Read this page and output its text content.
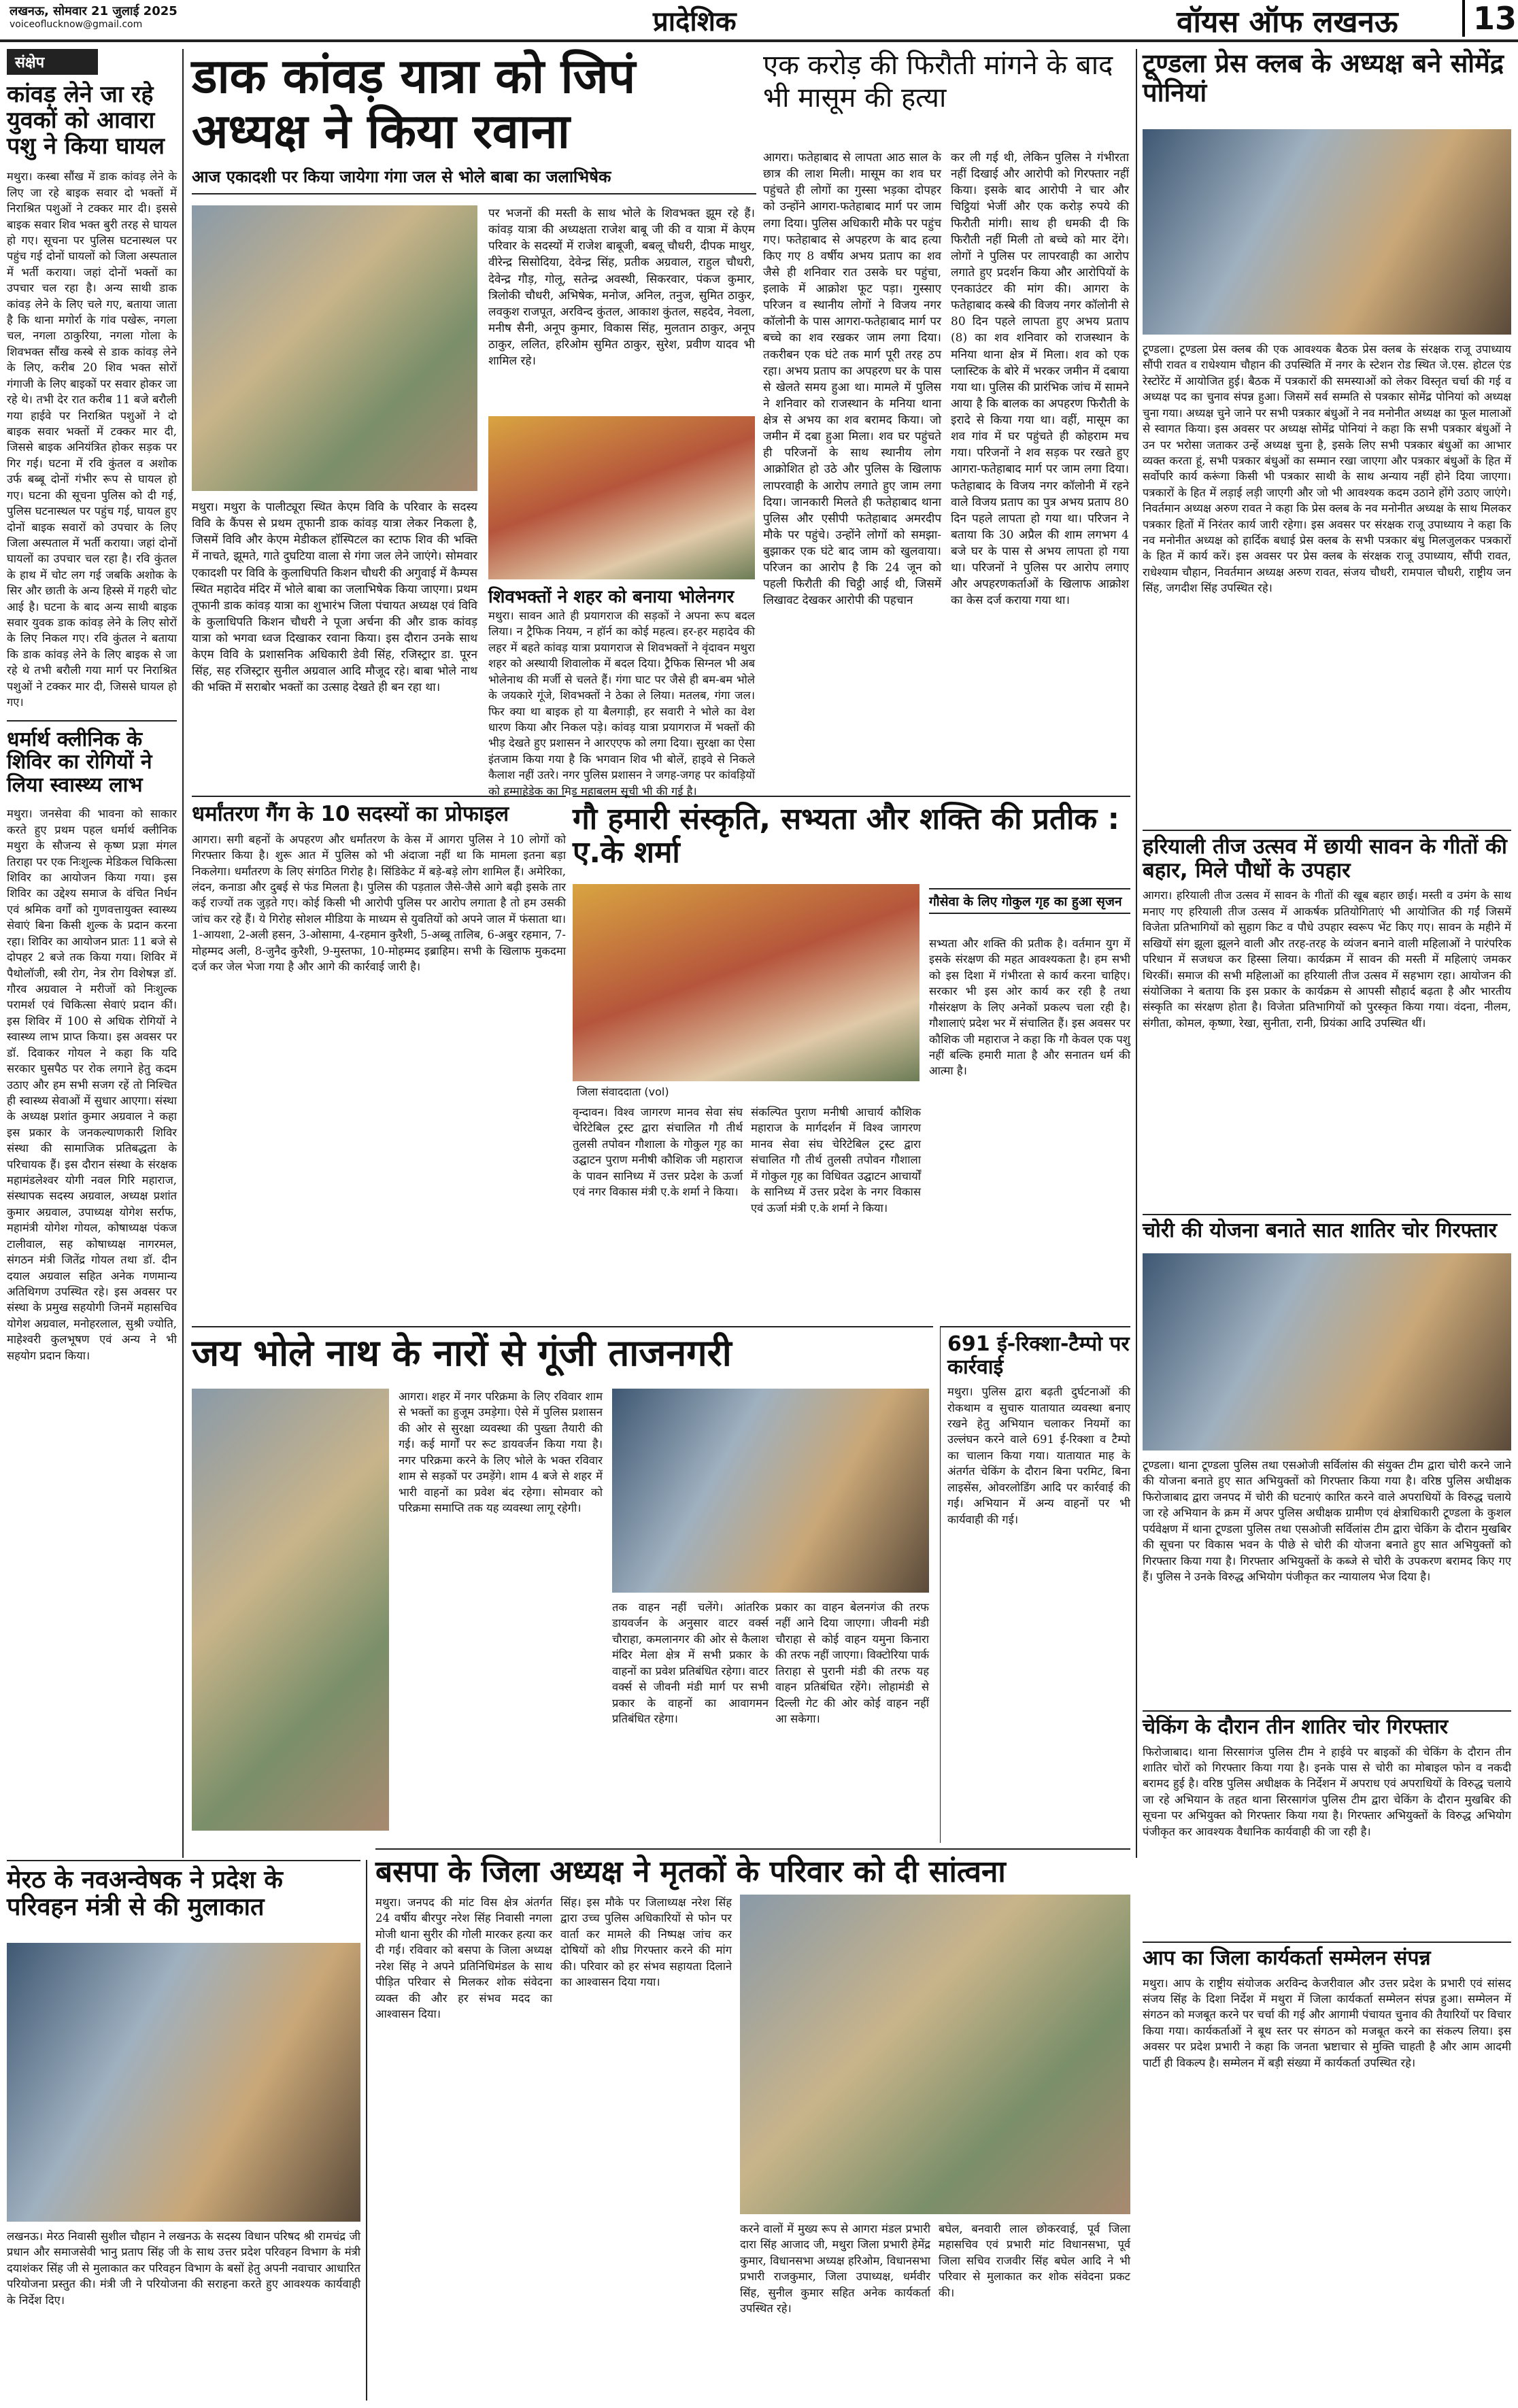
लखनऊ, सोमवार 21 जुलाई 2025
voiceoflucknow@gmail.com	प्रादेशिक	वॉयस ऑफ लखनऊ	13
संक्षेप
कांवड़ लेने जा रहे युवकों को आवारा पशु ने किया घायल

मथुरा। कस्बा सौंख में डाक कांवड़ लेने के लिए जा रहे बाइक सवार दो भक्तों में निराश्रित पशुओं ने टक्कर मार दी। इससे बाइक सवार शिव भक्त बुरी तरह से घायल हो गए। सूचना पर पुलिस घटनास्थल पर पहुंच गई दोनों घायलों को जिला अस्पताल में भर्ती कराया। जहां दोनों भक्तों का उपचार चल रहा है। अन्य साथी डाक कांवड़ लेने के लिए चले गए, बताया जाता है कि थाना मगोर्रा के गांव पखेरू, नगला चल, नगला ठाकुरिया, नगला गोला के शिवभक्त सौंख कस्बे से डाक कांवड़ लेने के लिए, करीब 20 शिव भक्त सोरों गंगाजी के लिए बाइकों पर सवार होकर जा रहे थे। तभी देर रात करीब 11 बजे बरौली गया हाईवे पर निराश्रित पशुओं ने दो बाइक सवार भक्तों में टक्कर मार दी, जिससे बाइक अनियंत्रित होकर सड़क पर गिर गई। घटना में रवि कुंतल व अशोक उर्फ बब्बू दोनों गंभीर रूप से घायल हो गए। घटना की सूचना पुलिस को दी गई, पुलिस घटनास्थल पर पहुंच गई, घायल हुए दोनों बाइक सवारों को उपचार के लिए जिला अस्पताल में भर्ती कराया। जहां दोनों घायलों का उपचार चल रहा है। रवि कुंतल के हाथ में चोट लग गई जबकि अशोक के सिर और छाती के अन्य हिस्से में गहरी चोट आई है। घटना के बाद अन्य साथी बाइक सवार युवक डाक कांवड़ लेने के लिए सोरों के लिए निकल गए। रवि कुंतल ने बताया कि डाक कांवड़ लेने के लिए बाइक से जा रहे थे तभी बरौली गया मार्ग पर निराश्रित पशुओं ने टक्कर मार दी, जिससे घायल हो गए।

धर्मार्थ क्लीनिक के शिविर का रोगियों ने लिया स्वास्थ्य लाभ

मथुरा। जनसेवा की भावना को साकार करते हुए प्रथम पहल धर्मार्थ क्लीनिक मथुरा के सौजन्य से कृष्ण प्रज्ञा मंगल तिराहा पर एक निःशुल्क मेडिकल चिकित्सा शिविर का आयोजन किया गया। इस शिविर का उद्देश्य समाज के वंचित निर्धन एवं श्रमिक वर्गों को गुणवत्तायुक्त स्वास्थ्य सेवाएं बिना किसी शुल्क के प्रदान करना रहा। शिविर का आयोजन प्रातः 11 बजे से दोपहर 2 बजे तक किया गया। शिविर में पैथोलॉजी, स्त्री रोग, नेत्र रोग विशेषज्ञ डॉ. गौरव अग्रवाल ने मरीजों को निःशुल्क परामर्श एवं चिकित्सा सेवाएं प्रदान कीं। इस शिविर में 100 से अधिक रोगियों ने स्वास्थ्य लाभ प्राप्त किया। इस अवसर पर डॉ. दिवाकर गोयल ने कहा कि यदि सरकार घुसपैठ पर रोक लगाने हेतु कदम उठाए और हम सभी सजग रहें तो निश्चित ही स्वास्थ्य सेवाओं में सुधार आएगा। संस्था के अध्यक्ष प्रशांत कुमार अग्रवाल ने कहा इस प्रकार के जनकल्याणकारी शिविर संस्था की सामाजिक प्रतिबद्धता के परिचायक हैं। इस दौरान संस्था के संरक्षक महामंडलेश्वर योगी नवल गिरि महाराज, संस्थापक सदस्य अग्रवाल, अध्यक्ष प्रशांत कुमार अग्रवाल, उपाध्यक्ष योगेश सर्राफ, महामंत्री योगेश गोयल, कोषाध्यक्ष पंकज टालीवाल, सह कोषाध्यक्ष नागरमल, संगठन मंत्री जितेंद्र गोयल तथा डॉ. दीन दयाल अग्रवाल सहित अनेक गणमान्य अतिथिगण उपस्थित रहे। इस अवसर पर संस्था के प्रमुख सहयोगी जिनमें महासचिव योगेश अग्रवाल, मनोहरलाल, सुश्री ज्योति, माहेश्वरी कुलभूषण एवं अन्य ने भी सहयोग प्रदान किया।

डाक कांवड़ यात्रा को जिपं अध्यक्ष ने किया रवाना
आज एकादशी पर किया जायेगा गंगा जल से भोले बाबा का जलाभिषेक

पर भजनों की मस्ती के साथ भोले के शिवभक्त झूम रहे हैं। कांवड़ यात्रा की अध्यक्षता राजेश बाबू जी की व यात्रा में केएम परिवार के सदस्यों में राजेश बाबूजी, बबलू चौधरी, दीपक माथुर, वीरेन्द्र सिसोदिया, देवेन्द्र सिंह, प्रतीक अग्रवाल, राहुल चौधरी, देवेन्द्र गौड़, गोलू, सतेन्द्र अवस्थी, सिकरवार, पंकज कुमार, त्रिलोकी चौधरी, अभिषेक, मनोज, अनिल, तनुज, सुमित ठाकुर, लवकुश राजपूत, अरविन्द कुंतल, आकाश कुंतल, सहदेव, नेवला, मनीष सैनी, अनूप कुमार, विकास सिंह, मुलतान ठाकुर, अनूप ठाकुर, ललित, हरिओम सुमित ठाकुर, सुरेश, प्रवीण यादव भी शामिल रहे।

शिवभक्तों ने शहर को बनाया भोलेनगर

मथुरा। मथुरा के पालीट्यूरा स्थित केएम विवि के परिवार के सदस्य विवि के कैंपस से प्रथम तूफानी डाक कांवड़ यात्रा लेकर निकला है, जिसमें विवि और केएम मेडीकल हॉस्पिटल का स्टाफ शिव की भक्ति में नाचते, झूमते, गाते दुघटिया वाला से गंगा जल लेने जाएंगे। सोमवार एकादशी पर विवि के कुलाधिपति किशन चौधरी की अगुवाई में कैम्पस स्थित महादेव मंदिर में भोले बाबा का जलाभिषेक किया जाएगा। प्रथम तूफानी डाक कांवड़ यात्रा का शुभारंभ जिला पंचायत अध्यक्ष एवं विवि के कुलाधिपति किशन चौधरी ने पूजा अर्चना की और डाक कांवड़ यात्रा को भगवा ध्वज दिखाकर रवाना किया। इस दौरान उनके साथ केएम विवि के प्रशासनिक अधिकारी डेवी सिंह, रजिस्ट्रार डा. पूरन सिंह, सह रजिस्ट्रार सुनील अग्रवाल आदि मौजूद रहे। बाबा भोले नाथ की भक्ति में सराबोर भक्तों का उत्साह देखते ही बन रहा था।

मथुरा। सावन आते ही प्रयागराज की सड़कों ने अपना रूप बदल लिया। न ट्रैफिक नियम, न हॉर्न का कोई महत्व। हर-हर महादेव की लहर में बहते कांवड़ यात्रा प्रयागराज से शिवभक्तों ने वृंदावन मथुरा शहर को अस्थायी शिवालोक में बदल दिया। ट्रैफिक सिग्नल भी अब भोलेनाथ की मर्जी से चलते हैं। गंगा घाट पर जैसे ही बम-बम भोले के जयकारे गूंजे, शिवभक्तों ने ठेका ले लिया। मतलब, गंगा जल। फिर क्या था बाइक हो या बैलगाड़ी, हर सवारी ने भोले का वेश धारण किया और निकल पड़े। कांवड़ यात्रा प्रयागराज में भक्तों की भीड़ देखते हुए प्रशासन ने आरएएफ को लगा दिया। सुरक्षा का ऐसा इंतजाम किया गया है कि भगवान शिव भी बोलें, हाइवे से निकले कैलाश नहीं उतरे। नगर पुलिस प्रशासन ने जगह-जगह पर कांवड़ियों को हम्माहेडेक का मिड महाबलम सूची भी की गई है।

एक करोड़ की फिरौती मांगने के बाद भी मासूम की हत्या

आगरा। फतेहाबाद से लापता आठ साल के छात्र की लाश मिली। मासूम का शव घर पहुंचते ही लोगों का गुस्सा भड़का दोपहर को उन्होंने आगरा-फतेहाबाद मार्ग पर जाम लगा दिया। पुलिस अधिकारी मौके पर पहुंच गए। फतेहाबाद से अपहरण के बाद हत्या किए गए 8 वर्षीय अभय प्रताप का शव जैसे ही शनिवार रात उसके घर पहुंचा, इलाके में आक्रोश फूट पड़ा। गुस्साए परिजन व स्थानीय लोगों ने विजय नगर कॉलोनी के पास आगरा-फतेहाबाद मार्ग पर बच्चे का शव रखकर जाम लगा दिया। तकरीबन एक घंटे तक मार्ग पूरी तरह ठप रहा। अभय प्रताप का अपहरण घर के पास से खेलते समय हुआ था। मामले में पुलिस ने शनिवार को राजस्थान के मनिया थाना क्षेत्र से अभय का शव बरामद किया। जो जमीन में दबा हुआ मिला। शव घर पहुंचते ही परिजनों के साथ स्थानीय लोग आक्रोशित हो उठे और पुलिस के खिलाफ लापरवाही के आरोप लगाते हुए जाम लगा दिया। जानकारी मिलते ही फतेहाबाद थाना पुलिस और एसीपी फतेहाबाद अमरदीप मौके पर पहुंचे। उन्होंने लोगों को समझा-बुझाकर एक घंटे बाद जाम को खुलवाया। परिजन का आरोप है कि 24 जून को पहली फिरौती की चिट्ठी आई थी, जिसमें लिखावट देखकर आरोपी की पहचान

कर ली गई थी, लेकिन पुलिस ने गंभीरता नहीं दिखाई और आरोपी को गिरफ्तार नहीं किया। इसके बाद आरोपी ने चार और चिट्ठियां भेजीं और एक करोड़ रुपये की फिरौती मांगी। साथ ही धमकी दी कि फिरौती नहीं मिली तो बच्चे को मार देंगे। लोगों ने पुलिस पर लापरवाही का आरोप लगाते हुए प्रदर्शन किया और आरोपियों के एनकाउंटर की मांग की। आगरा के फतेहाबाद कस्बे की विजय नगर कॉलोनी से 80 दिन पहले लापता हुए अभय प्रताप (8) का शव शनिवार को राजस्थान के मनिया थाना क्षेत्र में मिला। शव को एक प्लास्टिक के बोरे में भरकर जमीन में दबाया गया था। पुलिस की प्रारंभिक जांच में सामने आया है कि बालक का अपहरण फिरौती के इरादे से किया गया था। वहीं, मासूम का शव गांव में घर पहुंचते ही कोहराम मच गया। परिजनों ने शव सड़क पर रखते हुए आगरा-फतेहाबाद मार्ग पर जाम लगा दिया। फतेहाबाद के विजय नगर कॉलोनी में रहने वाले विजय प्रताप का पुत्र अभय प्रताप 80 दिन पहले लापता हो गया था। परिजन ने बताया कि 30 अप्रैल की शाम लगभग 4 बजे घर के पास से अभय लापता हो गया था। परिजनों ने पुलिस पर आरोप लगाए और अपहरणकर्ताओं के खिलाफ आक्रोश का केस दर्ज कराया गया था।

टूण्डला प्रेस क्लब के अध्यक्ष बने सोमेंद्र पोनियां

टूण्डला। टूण्डला प्रेस क्लब की एक आवश्यक बैठक प्रेस क्लब के संरक्षक राजू उपाध्याय सौंपी रावत व राधेश्याम चौहान की उपस्थिति में नगर के स्टेशन रोड स्थित जे.एस. होटल एंड रेस्टोरेंट में आयोजित हुई। बैठक में पत्रकारों की समस्याओं को लेकर विस्तृत चर्चा की गई व अध्यक्ष पद का चुनाव संपन्न हुआ। जिसमें सर्व सम्मति से पत्रकार सोमेंद्र पोनियां को अध्यक्ष चुना गया। अध्यक्ष चुने जाने पर सभी पत्रकार बंधुओं ने नव मनोनीत अध्यक्ष का फूल मालाओं से स्वागत किया। इस अवसर पर अध्यक्ष सोमेंद्र पोनियां ने कहा कि सभी पत्रकार बंधुओं ने उन पर भरोसा जताकर उन्हें अध्यक्ष चुना है, इसके लिए सभी पत्रकार बंधुओं का आभार व्यक्त करता हूं, सभी पत्रकार बंधुओं का सम्मान रखा जाएगा और पत्रकार बंधुओं के हित में सर्वोपरि कार्य करूंगा किसी भी पत्रकार साथी के साथ अन्याय नहीं होने दिया जाएगा। पत्रकारों के हित में लड़ाई लड़ी जाएगी और जो भी आवश्यक कदम उठाने होंगे उठाए जाएंगे। निवर्तमान अध्यक्ष अरुण रावत ने कहा कि प्रेस क्लब के नव मनोनीत अध्यक्ष के साथ मिलकर पत्रकार हितों में निरंतर कार्य जारी रहेगा। इस अवसर पर संरक्षक राजू उपाध्याय ने कहा कि नव मनोनीत अध्यक्ष को हार्दिक बधाई प्रेस क्लब के सभी पत्रकार बंधु मिलजुलकर पत्रकारों के हित में कार्य करें। इस अवसर पर प्रेस क्लब के संरक्षक राजू उपाध्याय, सौंपी रावत, राधेश्याम चौहान, निवर्तमान अध्यक्ष अरुण रावत, संजय चौधरी, रामपाल चौधरी, राष्ट्रीय जन सिंह, जगदीश सिंह उपस्थित रहे।

धर्मांतरण गैंग के 10 सदस्यों का प्रोफाइल

आगरा। सगी बहनों के अपहरण और धर्मांतरण के केस में आगरा पुलिस ने 10 लोगों को गिरफ्तार किया है। शुरू आत में पुलिस को भी अंदाजा नहीं था कि मामला इतना बड़ा निकलेगा। धर्मांतरण के लिए संगठित गिरोह है। सिंडिकेट में बड़े-बड़े लोग शामिल हैं। अमेरिका, लंदन, कनाडा और दुबई से फंड मिलता है। पुलिस की पड़ताल जैसे-जैसे आगे बढ़ी इसके तार कई राज्यों तक जुड़ते गए। कोई किसी भी आरोपी पुलिस पर आरोप लगाता है तो हम उसकी जांच कर रहे हैं। ये गिरोह सोशल मीडिया के माध्यम से युवतियों को अपने जाल में फंसाता था। 1-आयशा, 2-अली हसन, 3-ओसामा, 4-रहमान कुरैशी, 5-अब्बू तालिब, 6-अबुर रहमान, 7-मोहम्मद अली, 8-जुनैद कुरैशी, 9-मुस्तफा, 10-मोहम्मद इब्राहिम। सभी के खिलाफ मुकदमा दर्ज कर जेल भेजा गया है और आगे की कार्रवाई जारी है।

गौ हमारी संस्कृति, सभ्यता और शक्ति की प्रतीक : ए.के शर्मा
जिला संवाददाता (vol)
गौसेवा के लिए गोकुल गृह का हुआ सृजन

सभ्यता और शक्ति की प्रतीक है। वर्तमान युग में इसके संरक्षण की महत आवश्यकता है। हम सभी को इस दिशा में गंभीरता से कार्य करना चाहिए। सरकार भी इस ओर कार्य कर रही है तथा गौसंरक्षण के लिए अनेकों प्रकल्प चला रही है। गौशालाएं प्रदेश भर में संचालित हैं। इस अवसर पर कौशिक जी महाराज ने कहा कि गौ केवल एक पशु नहीं बल्कि हमारी माता है और सनातन धर्म की आत्मा है।

वृन्दावन। विश्व जागरण मानव सेवा संघ चेरिटेबिल ट्रस्ट द्वारा संचालित गौ तीर्थ तुलसी तपोवन गौशाला के गोकुल गृह का उद्घाटन पुराण मनीषी कौशिक जी महाराज के पावन सानिध्य में उत्तर प्रदेश के ऊर्जा एवं नगर विकास मंत्री ए.के शर्मा ने किया।

संकल्पित पुराण मनीषी आचार्य कौशिक महाराज के मार्गदर्शन में विश्व जागरण मानव सेवा संघ चेरिटेबिल ट्रस्ट द्वारा संचालित गौ तीर्थ तुलसी तपोवन गौशाला में गोकुल गृह का विधिवत उद्घाटन आचार्यों के सानिध्य में उत्तर प्रदेश के नगर विकास एवं ऊर्जा मंत्री ए.के शर्मा ने किया।

हरियाली तीज उत्सव में छायी सावन के गीतों की बहार, मिले पौधों के उपहार

आगरा। हरियाली तीज उत्सव में सावन के गीतों की खूब बहार छाई। मस्ती व उमंग के साथ मनाए गए हरियाली तीज उत्सव में आकर्षक प्रतियोगिताएं भी आयोजित की गईं जिसमें विजेता प्रतिभागियों को सुहाग किट व पौधे उपहार स्वरूप भेंट किए गए। सावन के महीने में सखियों संग झूला झूलने वाली और तरह-तरह के व्यंजन बनाने वाली महिलाओं ने पारंपरिक परिधान में सजधज कर हिस्सा लिया। कार्यक्रम में सावन की मस्ती में महिलाएं जमकर थिरकीं। समाज की सभी महिलाओं का हरियाली तीज उत्सव में सहभाग रहा। आयोजन की संयोजिका ने बताया कि इस प्रकार के कार्यक्रम से आपसी सौहार्द बढ़ता है और भारतीय संस्कृति का संरक्षण होता है। विजेता प्रतिभागियों को पुरस्कृत किया गया। वंदना, नीलम, संगीता, कोमल, कृष्णा, रेखा, सुनीता, रानी, प्रियंका आदि उपस्थित थीं।

चोरी की योजना बनाते सात शातिर चोर गिरफ्तार

टूण्डला। थाना टूण्डला पुलिस तथा एसओजी सर्विलांस की संयुक्त टीम द्वारा चोरी करने जाने की योजना बनाते हुए सात अभियुक्तों को गिरफ्तार किया गया है। वरिष्ठ पुलिस अधीक्षक फिरोजाबाद द्वारा जनपद में चोरी की घटनाएं कारित करने वाले अपराधियों के विरुद्ध चलाये जा रहे अभियान के क्रम में अपर पुलिस अधीक्षक ग्रामीण एवं क्षेत्राधिकारी टूण्डला के कुशल पर्यवेक्षण में थाना टूण्डला पुलिस तथा एसओजी सर्विलांस टीम द्वारा चेकिंग के दौरान मुखबिर की सूचना पर विकास भवन के पीछे से चोरी की योजना बनाते हुए सात अभियुक्तों को गिरफ्तार किया गया है। गिरफ्तार अभियुक्तों के कब्जे से चोरी के उपकरण बरामद किए गए हैं। पुलिस ने उनके विरुद्ध अभियोग पंजीकृत कर न्यायालय भेज दिया है।

जय भोले नाथ के नारों से गूंजी ताजनगरी

आगरा। शहर में नगर परिक्रमा के लिए रविवार शाम से भक्तों का हुजूम उमड़ेगा। ऐसे में पुलिस प्रशासन की ओर से सुरक्षा व्यवस्था की पुख्ता तैयारी की गई। कई मार्गों पर रूट डायवर्जन किया गया है। नगर परिक्रमा करने के लिए भोले के भक्त रविवार शाम से सड़कों पर उमड़ेंगे। शाम 4 बजे से शहर में भारी वाहनों का प्रवेश बंद रहेगा। सोमवार को परिक्रमा समाप्ति तक यह व्यवस्था लागू रहेगी।

तक वाहन नहीं चलेंगे। आंतरिक डायवर्जन के अनुसार वाटर वर्क्स चौराहा, कमलानगर की ओर से कैलाश मंदिर मेला क्षेत्र में सभी प्रकार के वाहनों का प्रवेश प्रतिबंधित रहेगा। वाटर वर्क्स से जीवनी मंडी मार्ग पर सभी प्रकार के वाहनों का आवागमन प्रतिबंधित रहेगा।

प्रकार का वाहन बेलनगंज की तरफ नहीं आने दिया जाएगा। जीवनी मंडी चौराहा से कोई वाहन यमुना किनारा की तरफ नहीं जाएगा। विक्टोरिया पार्क तिराहा से पुरानी मंडी की तरफ यह वाहन प्रतिबंधित रहेंगे। लोहामंडी से दिल्ली गेट की ओर कोई वाहन नहीं आ सकेगा।

691 ई-रिक्शा-टैम्पो पर कार्रवाई

मथुरा। पुलिस द्वारा बढ़ती दुर्घटनाओं की रोकथाम व सुचारु यातायात व्यवस्था बनाए रखने हेतु अभियान चलाकर नियमों का उल्लंघन करने वाले 691 ई-रिक्शा व टैम्पो का चालान किया गया। यातायात माह के अंतर्गत चेकिंग के दौरान बिना परमिट, बिना लाइसेंस, ओवरलोडिंग आदि पर कार्रवाई की गई। अभियान में अन्य वाहनों पर भी कार्यवाही की गई।

चेकिंग के दौरान तीन शातिर चोर गिरफ्तार

फिरोजाबाद। थाना सिरसागंज पुलिस टीम ने हाईवे पर बाइकों की चेकिंग के दौरान तीन शातिर चोरों को गिरफ्तार किया गया है। इनके पास से चोरी का मोबाइल फोन व नकदी बरामद हुई है। वरिष्ठ पुलिस अधीक्षक के निर्देशन में अपराध एवं अपराधियों के विरुद्ध चलाये जा रहे अभियान के तहत थाना सिरसागंज पुलिस टीम द्वारा चेकिंग के दौरान मुखबिर की सूचना पर अभियुक्त को गिरफ्तार किया गया है। गिरफ्तार अभियुक्तों के विरुद्ध अभियोग पंजीकृत कर आवश्यक वैधानिक कार्यवाही की जा रही है।

मेरठ के नवअन्वेषक ने प्रदेश के परिवहन मंत्री से की मुलाकात

लखनऊ। मेरठ निवासी सुशील चौहान ने लखनऊ के सदस्य विधान परिषद श्री रामचंद्र जी प्रधान और समाजसेवी भानु प्रताप सिंह जी के साथ उत्तर प्रदेश परिवहन विभाग के मंत्री दयाशंकर सिंह जी से मुलाकात कर परिवहन विभाग के बसों हेतु अपनी नवाचार आधारित परियोजना प्रस्तुत की। मंत्री जी ने परियोजना की सराहना करते हुए आवश्यक कार्यवाही के निर्देश दिए।

बसपा के जिला अध्यक्ष ने मृतकों के परिवार को दी सांत्वना

मथुरा। जनपद की मांट विस क्षेत्र अंतर्गत 24 वर्षीय बीरपुर नरेश सिंह निवासी नगला मोजी थाना सुरीर की गोली मारकर हत्या कर दी गई। रविवार को बसपा के जिला अध्यक्ष नरेश सिंह ने अपने प्रतिनिधिमंडल के साथ पीड़ित परिवार से मिलकर शोक संवेदना व्यक्त की और हर संभव मदद का आश्वासन दिया।

सिंह। इस मौके पर जिलाध्यक्ष नरेश सिंह द्वारा उच्च पुलिस अधिकारियों से फोन पर वार्ता कर मामले की निष्पक्ष जांच कर दोषियों को शीघ्र गिरफ्तार करने की मांग की। परिवार को हर संभव सहायता दिलाने का आश्वासन दिया गया।

करने वालों में मुख्य रूप से आगरा मंडल प्रभारी दारा सिंह आजाद जी, मथुरा जिला प्रभारी हेमेंद्र कुमार, विधानसभा अध्यक्ष हरिओम, विधानसभा प्रभारी राजकुमार, जिला उपाध्यक्ष, धर्मवीर सिंह, सुनील कुमार सहित अनेक कार्यकर्ता उपस्थित रहे।

बघेल, बनवारी लाल छोकरवाई, पूर्व जिला महासचिव एवं प्रभारी मांट विधानसभा, पूर्व जिला सचिव राजवीर सिंह बघेल आदि ने भी परिवार से मुलाकात कर शोक संवेदना प्रकट की।

आप का जिला कार्यकर्ता सम्मेलन संपन्न

मथुरा। आप के राष्ट्रीय संयोजक अरविन्द केजरीवाल और उत्तर प्रदेश के प्रभारी एवं सांसद संजय सिंह के दिशा निर्देश में मथुरा में जिला कार्यकर्ता सम्मेलन संपन्न हुआ। सम्मेलन में संगठन को मजबूत करने पर चर्चा की गई और आगामी पंचायत चुनाव की तैयारियों पर विचार किया गया। कार्यकर्ताओं ने बूथ स्तर पर संगठन को मजबूत करने का संकल्प लिया। इस अवसर पर प्रदेश प्रभारी ने कहा कि जनता भ्रष्टाचार से मुक्ति चाहती है और आम आदमी पार्टी ही विकल्प है। सम्मेलन में बड़ी संख्या में कार्यकर्ता उपस्थित रहे।
